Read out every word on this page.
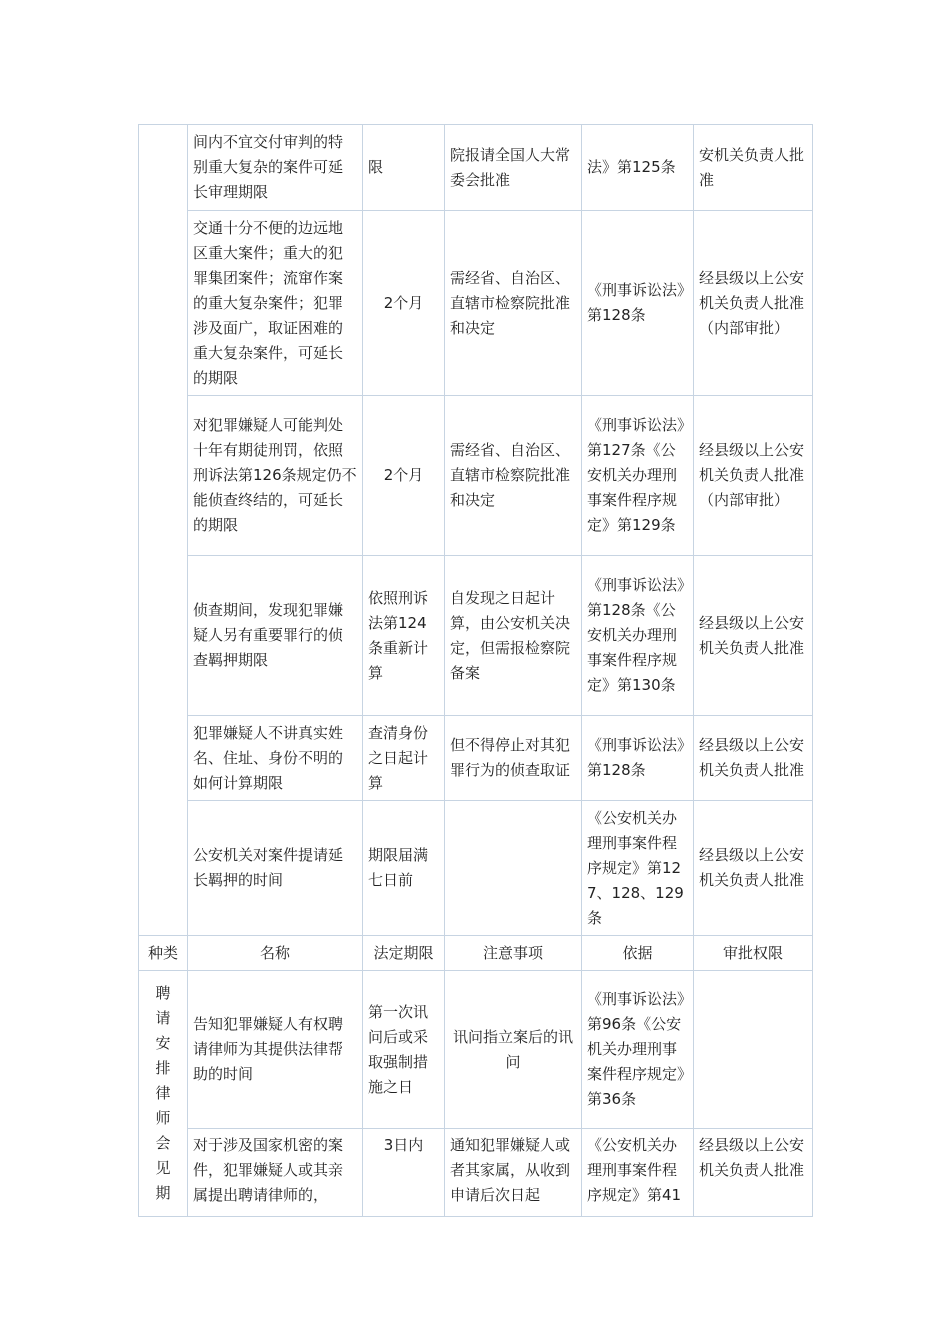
	间内不宜交付审判的特别重大复杂的案件可延长审理期限	限	院报请全国人大常委会批准	法》第125条	安机关负责人批准
	交通十分不便的边远地区重大案件；重大的犯罪集团案件；流窜作案的重大复杂案件；犯罪涉及面广，取证困难的重大复杂案件，可延长的期限	2个月	需经省、自治区、直辖市检察院批准和决定	《刑事诉讼法》第128条	经县级以上公安机关负责人批准（内部审批）
	对犯罪嫌疑人可能判处十年有期徒刑罚，依照刑诉法第126条规定仍不能侦查终结的，可延长的期限	2个月	需经省、自治区、直辖市检察院批准和决定	《刑事诉讼法》第127条《公安机关办理刑事案件程序规定》第129条	经县级以上公安机关负责人批准（内部审批）
	侦查期间，发现犯罪嫌疑人另有重要罪行的侦查羁押期限	依照刑诉法第124条重新计算	自发现之日起计算，由公安机关决定，但需报检察院备案	《刑事诉讼法》第128条《公安机关办理刑事案件程序规定》第130条	经县级以上公安机关负责人批准
	犯罪嫌疑人不讲真实姓名、住址、身份不明的如何计算期限	查清身份之日起计算	但不得停止对其犯罪行为的侦查取证	《刑事诉讼法》第128条	经县级以上公安机关负责人批准
	公安机关对案件提请延长羁押的时间	期限届满七日前		《公安机关办理刑事案件程序规定》第127、128、129条	经县级以上公安机关负责人批准
种类	名称	法定期限	注意事项	依据	审批权限

聘请安排律师会见期	告知犯罪嫌疑人有权聘请律师为其提供法律帮助的时间	第一次讯问后或采取强制措施之日	讯问指立案后的讯问	《刑事诉讼法》第96条《公安机关办理刑事案件程序规定》第36条	
	对于涉及国家机密的案件，犯罪嫌疑人或其亲属提出聘请律师的，	3日内	通知犯罪嫌疑人或者其家属，从收到申请后次日起	《公安机关办理刑事案件程序规定》第41	经县级以上公安机关负责人批准
